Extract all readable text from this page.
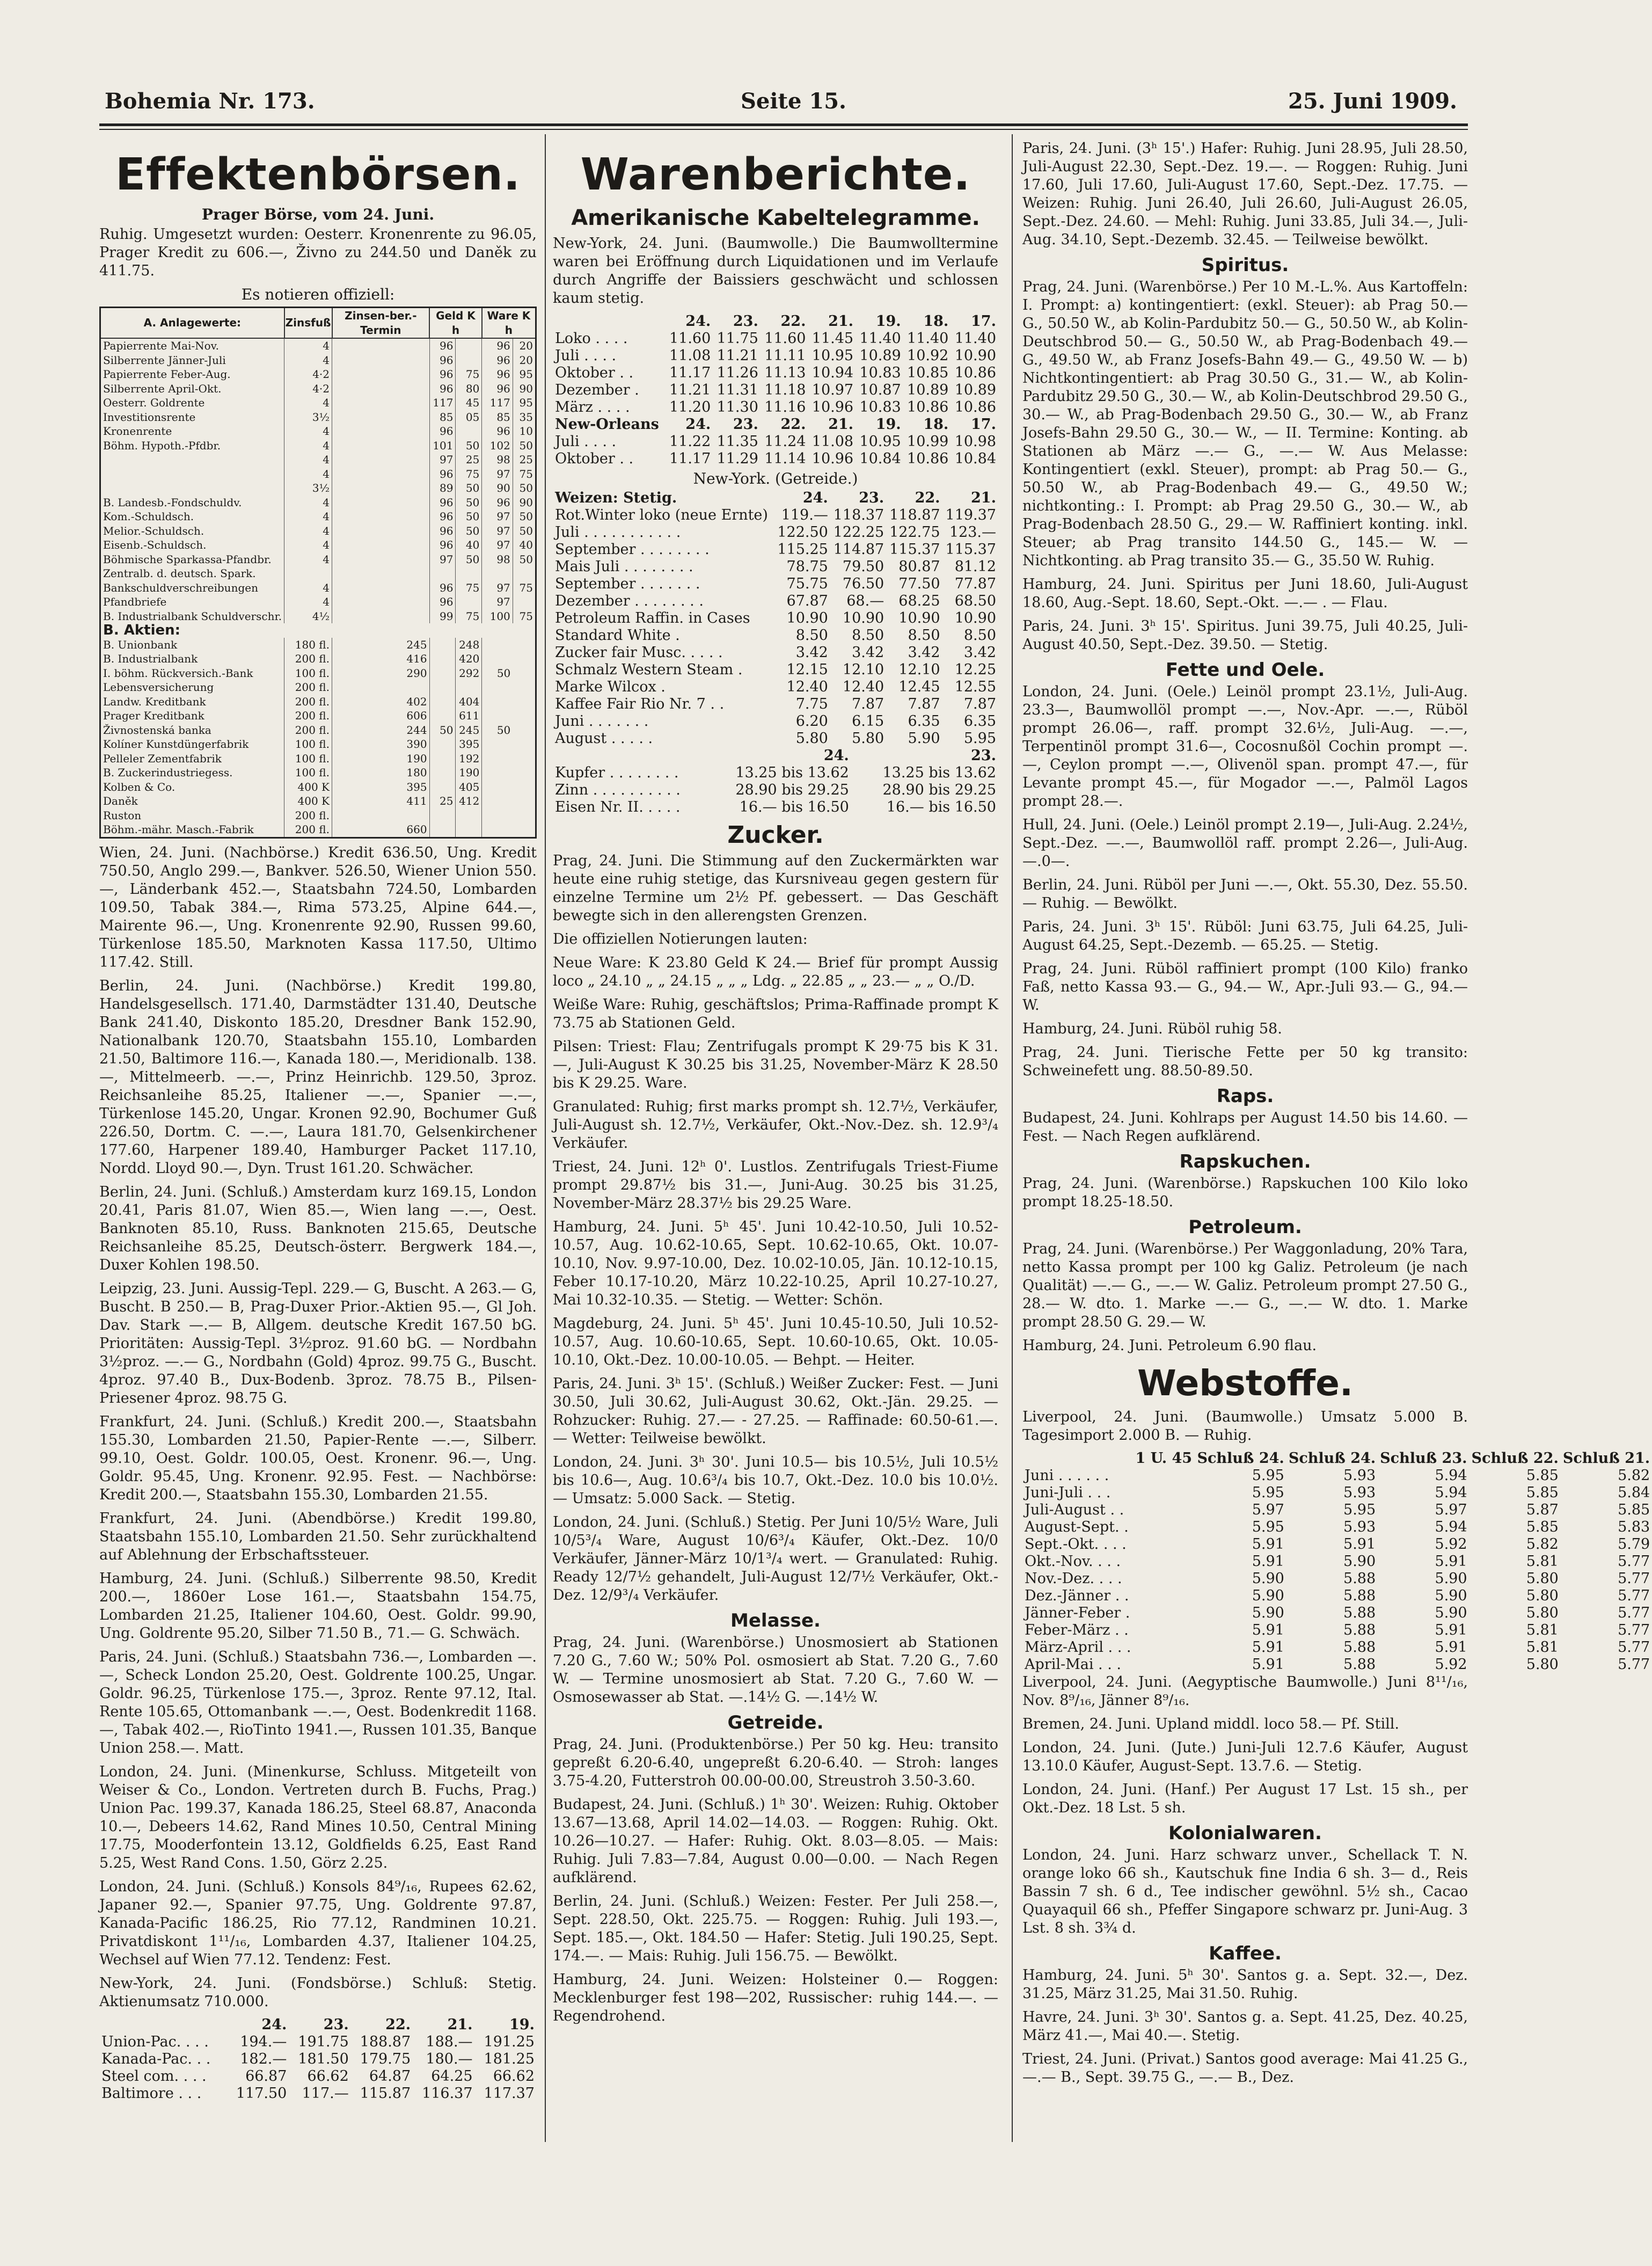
Bohemia Nr. 173.	Seite 15.	25. Juni 1909.
Effektenbörsen.

Prager Börse, vom 24. Juni.

Ruhig. Umgesetzt wurden: Oesterr. Kronenrente zu 96.05, Prager Kredit zu 606.—, Živno zu 244.50 und Daněk zu 411.75.

Es notieren offiziell:

A. Anlagewerte:	Zinsfuß	Zinsen-ber.-Termin	Geld K h		Ware K h	
Papierrente Mai-Nov.	4		96		96	20
Silberrente Jänner-Juli	4		96		96	20
Papierrente Feber-Aug.	4·2		96	75	96	95
Silberrente April-Okt.	4·2		96	80	96	90
Oesterr. Goldrente	4		117	45	117	95
Investitionsrente	3½		85	05	85	35
Kronenrente	4		96		96	10
Böhm. Hypoth.-Pfdbr.	4		101	50	102	50
	4		97	25	98	25
	4		96	75	97	75
	3½		89	50	90	50
B. Landesb.-Fondschuldv.	4		96	50	96	90
Kom.-Schuldsch.	4		96	50	97	50
Melior.-Schuldsch.	4		96	50	97	50
Eisenb.-Schuldsch.	4		96	40	97	40
Böhmische Sparkassa-Pfandbr.	4		97	50	98	50
Zentralb. d. deutsch. Spark.						
Bankschuldverschreibungen	4		96	75	97	75
Pfandbriefe	4		96		97	
B. Industrialbank Schuldverschr.	4½		99	75	100	75
B. Aktien:						
B. Unionbank	180 fl.	245		248		
B. Industrialbank	200 fl.	416		420		
I. böhm. Rückversich.-Bank	100 fl.	290		292	50	
Lebensversicherung	200 fl.					
Landw. Kreditbank	200 fl.	402		404		
Prager Kreditbank	200 fl.	606		611		
Živnostenská banka	200 fl.	244	50	245	50	
Kolíner Kunstdüngerfabrik	100 fl.	390		395		
Pelleler Zementfabrik	100 fl.	190		192		
B. Zuckerindustriegess.	100 fl.	180		190		
Kolben & Co.	400 K	395		405		
Daněk	400 K	411	25	412		
Ruston	200 fl.					
Böhm.-mähr. Masch.-Fabrik	200 fl.	660				

Wien, 24. Juni. (Nachbörse.) Kredit 636.50, Ung. Kredit 750.50, Anglo 299.—, Bankver. 526.50, Wiener Union 550.—, Länderbank 452.—, Staatsbahn 724.50, Lombarden 109.50, Tabak 384.—, Rima 573.25, Alpine 644.—, Mairente 96.—, Ung. Kronenrente 92.90, Russen 99.60, Türkenlose 185.50, Marknoten Kassa 117.50, Ultimo 117.42. Still.

Berlin, 24. Juni. (Nachbörse.) Kredit 199.80, Handelsgesellsch. 171.40, Darmstädter 131.40, Deutsche Bank 241.40, Diskonto 185.20, Dresdner Bank 152.90, Nationalbank 120.70, Staatsbahn 155.10, Lombarden 21.50, Baltimore 116.—, Kanada 180.—, Meridionalb. 138.—, Mittelmeerb. —.—, Prinz Heinrichb. 129.50, 3proz. Reichsanleihe 85.25, Italiener —.—, Spanier —.—, Türkenlose 145.20, Ungar. Kronen 92.90, Bochumer Guß 226.50, Dortm. C. —.—, Laura 181.70, Gelsenkirchener 177.60, Harpener 189.40, Hamburger Packet 117.10, Nordd. Lloyd 90.—, Dyn. Trust 161.20. Schwächer.

Berlin, 24. Juni. (Schluß.) Amsterdam kurz 169.15, London 20.41, Paris 81.07, Wien 85.—, Wien lang —.—, Oest. Banknoten 85.10, Russ. Banknoten 215.65, Deutsche Reichsanleihe 85.25, Deutsch-österr. Bergwerk 184.—, Duxer Kohlen 198.50.

Leipzig, 23. Juni. Aussig-Tepl. 229.— G, Buscht. A 263.— G, Buscht. B 250.— B, Prag-Duxer Prior.-Aktien 95.—, Gl Joh. Dav. Stark —.— B, Allgem. deutsche Kredit 167.50 bG. Prioritäten: Aussig-Tepl. 3½proz. 91.60 bG. — Nordbahn 3½proz. —.— G., Nordbahn (Gold) 4proz. 99.75 G., Buscht. 4proz. 97.40 B., Dux-Bodenb. 3proz. 78.75 B., Pilsen-Priesener 4proz. 98.75 G.

Frankfurt, 24. Juni. (Schluß.) Kredit 200.—, Staatsbahn 155.30, Lombarden 21.50, Papier-Rente —.—, Silberr. 99.10, Oest. Goldr. 100.05, Oest. Kronenr. 96.—, Ung. Goldr. 95.45, Ung. Kronenr. 92.95. Fest. — Nachbörse: Kredit 200.—, Staatsbahn 155.30, Lombarden 21.55.

Frankfurt, 24. Juni. (Abendbörse.) Kredit 199.80, Staatsbahn 155.10, Lombarden 21.50. Sehr zurückhaltend auf Ablehnung der Erbschaftssteuer.

Hamburg, 24. Juni. (Schluß.) Silberrente 98.50, Kredit 200.—, 1860er Lose 161.—, Staatsbahn 154.75, Lombarden 21.25, Italiener 104.60, Oest. Goldr. 99.90, Ung. Goldrente 95.20, Silber 71.50 B., 71.— G. Schwäch.

Paris, 24. Juni. (Schluß.) Staatsbahn 736.—, Lombarden —.—, Scheck London 25.20, Oest. Goldrente 100.25, Ungar. Goldr. 96.25, Türkenlose 175.—, 3proz. Rente 97.12, Ital. Rente 105.65, Ottomanbank —.—, Oest. Bodenkredit 1168.—, Tabak 402.—, RioTinto 1941.—, Russen 101.35, Banque Union 258.—. Matt.

London, 24. Juni. (Minenkurse, Schluss. Mitgeteilt von Weiser & Co., London. Vertreten durch B. Fuchs, Prag.) Union Pac. 199.37, Kanada 186.25, Steel 68.87, Anaconda 10.—, Debeers 14.62, Rand Mines 10.50, Central Mining 17.75, Mooderfontein 13.12, Goldfields 6.25, East Rand 5.25, West Rand Cons. 1.50, Görz 2.25.

London, 24. Juni. (Schluß.) Konsols 84⁹/₁₆, Rupees 62.62, Japaner 92.—, Spanier 97.75, Ung. Goldrente 97.87, Kanada-Pacific 186.25, Rio 77.12, Randminen 10.21. Privatdiskont 1¹¹/₁₆, Lombarden 4.37, Italiener 104.25, Wechsel auf Wien 77.12. Tendenz: Fest.

New-York, 24. Juni. (Fondsbörse.) Schluß: Stetig. Aktienumsatz 710.000.

	24.	23.	22.	21.	19.
Union-Pac. . . .	194.—	191.75	188.87	188.—	191.25
Kanada-Pac. . .	182.—	181.50	179.75	180.—	181.25
Steel com. . . .	66.87	66.62	64.87	64.25	66.62
Baltimore . . .	117.50	117.—	115.87	116.37	117.37
Warenberichte.
Amerikanische Kabeltelegramme.

New-York, 24. Juni. (Baumwolle.) Die Baumwolltermine waren bei Eröffnung durch Liquidationen und im Verlaufe durch Angriffe der Baissiers geschwächt und schlossen kaum stetig.

	24.	23.	22.	21.	19.	18.	17.
Loko . . . .	11.60	11.75	11.60	11.45	11.40	11.40	11.40
Juli . . . .	11.08	11.21	11.11	10.95	10.89	10.92	10.90
Oktober . .	11.17	11.26	11.13	10.94	10.83	10.85	10.86
Dezember .	11.21	11.31	11.18	10.97	10.87	10.89	10.89
März . . . .	11.20	11.30	11.16	10.96	10.83	10.86	10.86
New-Orleans	24.	23.	22.	21.	19.	18.	17.
Juli . . . .	11.22	11.35	11.24	11.08	10.95	10.99	10.98
Oktober . .	11.17	11.29	11.14	10.96	10.84	10.86	10.84

New-York. (Getreide.)

Weizen: Stetig.	24.	23.	22.	21.
Rot.Winter loko (neue Ernte)	119.—	118.37	118.87	119.37
Juli . . . . . . . . . . .	122.50	122.25	122.75	123.—
September . . . . . . . .	115.25	114.87	115.37	115.37
Mais Juli . . . . . . . .	78.75	79.50	80.87	81.12
September . . . . . . .	75.75	76.50	77.50	77.87
Dezember . . . . . . . .	67.87	68.—	68.25	68.50
Petroleum Raffin. in Cases	10.90	10.90	10.90	10.90
Standard White .	8.50	8.50	8.50	8.50
Zucker fair Musc. . . . .	3.42	3.42	3.42	3.42
Schmalz Western Steam .	12.15	12.10	12.10	12.25
Marke Wilcox .	12.40	12.40	12.45	12.55
Kaffee Fair Rio Nr. 7 . .	7.75	7.87	7.87	7.87
Juni . . . . . . .	6.20	6.15	6.35	6.35
August . . . . .	5.80	5.80	5.90	5.95
	24.		23.
Kupfer . . . . . . . .	13.25 bis 13.62		13.25 bis 13.62
Zinn . . . . . . . . . .	28.90 bis 29.25		28.90 bis 29.25
Eisen Nr. II. . . . .	16.— bis 16.50		16.— bis 16.50
Zucker.

Prag, 24. Juni. Die Stimmung auf den Zuckermärkten war heute eine ruhig stetige, das Kursniveau gegen gestern für einzelne Termine um 2½ Pf. gebessert. — Das Geschäft bewegte sich in den allerengsten Grenzen.

Die offiziellen Notierungen lauten:

Neue Ware: K 23.80 Geld K 24.— Brief für prompt Aussig loco „ 24.10 „ „ 24.15 „ „ „ Ldg. „ 22.85 „ „ 23.— „ „ O./D.

Weiße Ware: Ruhig, geschäftslos; Prima-Raffinade prompt K 73.75 ab Stationen Geld.

Pilsen: Triest: Flau; Zentrifugals prompt K 29·75 bis K 31.—, Juli-August K 30.25 bis 31.25, November-März K 28.50 bis K 29.25. Ware.

Granulated: Ruhig; first marks prompt sh. 12.7½, Verkäufer, Juli-August sh. 12.7½, Verkäufer, Okt.-Nov.-Dez. sh. 12.9³/₄ Verkäufer.

Triest, 24. Juni. 12ʰ 0'. Lustlos. Zentrifugals Triest-Fiume prompt 29.87½ bis 31.—, Juni-Aug. 30.25 bis 31.25, November-März 28.37½ bis 29.25 Ware.

Hamburg, 24. Juni. 5ʰ 45'. Juni 10.42-10.50, Juli 10.52-10.57, Aug. 10.62-10.65, Sept. 10.62-10.65, Okt. 10.07-10.10, Nov. 9.97-10.00, Dez. 10.02-10.05, Jän. 10.12-10.15, Feber 10.17-10.20, März 10.22-10.25, April 10.27-10.27, Mai 10.32-10.35. — Stetig. — Wetter: Schön.

Magdeburg, 24. Juni. 5ʰ 45'. Juni 10.45-10.50, Juli 10.52-10.57, Aug. 10.60-10.65, Sept. 10.60-10.65, Okt. 10.05-10.10, Okt.-Dez. 10.00-10.05. — Behpt. — Heiter.

Paris, 24. Juni. 3ʰ 15'. (Schluß.) Weißer Zucker: Fest. — Juni 30.50, Juli 30.62, Juli-August 30.62, Okt.-Jän. 29.25. — Rohzucker: Ruhig. 27.— - 27.25. — Raffinade: 60.50-61.—. — Wetter: Teilweise bewölkt.

London, 24. Juni. 3ʰ 30'. Juni 10.5— bis 10.5½, Juli 10.5½ bis 10.6—, Aug. 10.6³/₄ bis 10.7, Okt.-Dez. 10.0 bis 10.0½. — Umsatz: 5.000 Sack. — Stetig.

London, 24. Juni. (Schluß.) Stetig. Per Juni 10/5½ Ware, Juli 10/5³/₄ Ware, August 10/6³/₄ Käufer, Okt.-Dez. 10/0 Verkäufer, Jänner-März 10/1³/₄ wert. — Granulated: Ruhig. Ready 12/7½ gehandelt, Juli-August 12/7½ Verkäufer, Okt.-Dez. 12/9³/₄ Verkäufer.

Melasse.

Prag, 24. Juni. (Warenbörse.) Unosmosiert ab Stationen 7.20 G., 7.60 W.; 50% Pol. osmosiert ab Stat. 7.20 G., 7.60 W. — Termine unosmosiert ab Stat. 7.20 G., 7.60 W. — Osmosewasser ab Stat. —.14½ G. —.14½ W.

Getreide.

Prag, 24. Juni. (Produktenbörse.) Per 50 kg. Heu: transito gepreßt 6.20-6.40, ungepreßt 6.20-6.40. — Stroh: langes 3.75-4.20, Futterstroh 00.00-00.00, Streustroh 3.50-3.60.

Budapest, 24. Juni. (Schluß.) 1ʰ 30'. Weizen: Ruhig. Oktober 13.67—13.68, April 14.02—14.03. — Roggen: Ruhig. Okt. 10.26—10.27. — Hafer: Ruhig. Okt. 8.03—8.05. — Mais: Ruhig. Juli 7.83—7.84, August 0.00—0.00. — Nach Regen aufklärend.

Berlin, 24. Juni. (Schluß.) Weizen: Fester. Per Juli 258.—, Sept. 228.50, Okt. 225.75. — Roggen: Ruhig. Juli 193.—, Sept. 185.—, Okt. 184.50 — Hafer: Stetig. Juli 190.25, Sept. 174.—. — Mais: Ruhig. Juli 156.75. — Bewölkt.

Hamburg, 24. Juni. Weizen: Holsteiner 0.— Roggen: Mecklenburger fest 198—202, Russischer: ruhig 144.—. — Regendrohend.

Paris, 24. Juni. (3ʰ 15'.) Hafer: Ruhig. Juni 28.95, Juli 28.50, Juli-August 22.30, Sept.-Dez. 19.—. — Roggen: Ruhig. Juni 17.60, Juli 17.60, Juli-August 17.60, Sept.-Dez. 17.75. — Weizen: Ruhig. Juni 26.40, Juli 26.60, Juli-August 26.05, Sept.-Dez. 24.60. — Mehl: Ruhig. Juni 33.85, Juli 34.—, Juli-Aug. 34.10, Sept.-Dezemb. 32.45. — Teilweise bewölkt.

Spiritus.

Prag, 24. Juni. (Warenbörse.) Per 10 M.-L.%. Aus Kartoffeln: I. Prompt: a) kontingentiert: (exkl. Steuer): ab Prag 50.— G., 50.50 W., ab Kolin-Pardubitz 50.— G., 50.50 W., ab Kolin-Deutschbrod 50.— G., 50.50 W., ab Prag-Bodenbach 49.— G., 49.50 W., ab Franz Josefs-Bahn 49.— G., 49.50 W. — b) Nichtkontingentiert: ab Prag 30.50 G., 31.— W., ab Kolin-Pardubitz 29.50 G., 30.— W., ab Kolin-Deutschbrod 29.50 G., 30.— W., ab Prag-Bodenbach 29.50 G., 30.— W., ab Franz Josefs-Bahn 29.50 G., 30.— W., — II. Termine: Konting. ab Stationen ab März —.— G., —.— W. Aus Melasse: Kontingentiert (exkl. Steuer), prompt: ab Prag 50.— G., 50.50 W., ab Prag-Bodenbach 49.— G., 49.50 W.; nichtkonting.: I. Prompt: ab Prag 29.50 G., 30.— W., ab Prag-Bodenbach 28.50 G., 29.— W. Raffiniert konting. inkl. Steuer; ab Prag transito 144.50 G., 145.— W. — Nichtkonting. ab Prag transito 35.— G., 35.50 W. Ruhig.

Hamburg, 24. Juni. Spiritus per Juni 18.60, Juli-August 18.60, Aug.-Sept. 18.60, Sept.-Okt. —.— . — Flau.

Paris, 24. Juni. 3ʰ 15'. Spiritus. Juni 39.75, Juli 40.25, Juli-August 40.50, Sept.-Dez. 39.50. — Stetig.

Fette und Oele.

London, 24. Juni. (Oele.) Leinöl prompt 23.1½, Juli-Aug. 23.3—, Baumwollöl prompt —.—, Nov.-Apr. —.—, Rüböl prompt 26.06—, raff. prompt 32.6½, Juli-Aug. —.—, Terpentinöl prompt 31.6—, Cocosnußöl Cochin prompt —.—, Ceylon prompt —.—, Olivenöl span. prompt 47.—, für Levante prompt 45.—, für Mogador —.—, Palmöl Lagos prompt 28.—.

Hull, 24. Juni. (Oele.) Leinöl prompt 2.19—, Juli-Aug. 2.24½, Sept.-Dez. —.—, Baumwollöl raff. prompt 2.26—, Juli-Aug. —.0—.

Berlin, 24. Juni. Rüböl per Juni —.—, Okt. 55.30, Dez. 55.50. — Ruhig. — Bewölkt.

Paris, 24. Juni. 3ʰ 15'. Rüböl: Juni 63.75, Juli 64.25, Juli-August 64.25, Sept.-Dezemb. — 65.25. — Stetig.

Prag, 24. Juni. Rüböl raffiniert prompt (100 Kilo) franko Faß, netto Kassa 93.— G., 94.— W., Apr.-Juli 93.— G., 94.— W.

Hamburg, 24. Juni. Rüböl ruhig 58.

Prag, 24. Juni. Tierische Fette per 50 kg transito: Schweinefett ung. 88.50-89.50.

Raps.

Budapest, 24. Juni. Kohlraps per August 14.50 bis 14.60. — Fest. — Nach Regen aufklärend.

Rapskuchen.

Prag, 24. Juni. (Warenbörse.) Rapskuchen 100 Kilo loko prompt 18.25-18.50.

Petroleum.

Prag, 24. Juni. (Warenbörse.) Per Waggonladung, 20% Tara, netto Kassa prompt per 100 kg Galiz. Petroleum (je nach Qualität) —.— G., —.— W. Galiz. Petroleum prompt 27.50 G., 28.— W. dto. 1. Marke —.— G., —.— W. dto. 1. Marke prompt 28.50 G. 29.— W.

Hamburg, 24. Juni. Petroleum 6.90 flau.

Webstoffe.

Liverpool, 24. Juni. (Baumwolle.) Umsatz 5.000 B. Tagesimport 2.000 B. — Ruhig.

	1 U. 45 Schluß 24.	Schluß 24.	Schluß 23.	Schluß 22.	Schluß 21.
Juni . . . . . .	5.95	5.93	5.94	5.85	5.82
Juni-Juli . . .	5.95	5.93	5.94	5.85	5.84
Juli-August . .	5.97	5.95	5.97	5.87	5.85
August-Sept. .	5.95	5.93	5.94	5.85	5.83
Sept.-Okt. . . .	5.91	5.91	5.92	5.82	5.79
Okt.-Nov. . . .	5.91	5.90	5.91	5.81	5.77
Nov.-Dez. . . .	5.90	5.88	5.90	5.80	5.77
Dez.-Jänner . .	5.90	5.88	5.90	5.80	5.77
Jänner-Feber .	5.90	5.88	5.90	5.80	5.77
Feber-März . .	5.91	5.88	5.91	5.81	5.77
März-April . . .	5.91	5.88	5.91	5.81	5.77
April-Mai . . .	5.91	5.88	5.92	5.80	5.77

Liverpool, 24. Juni. (Aegyptische Baumwolle.) Juni 8¹¹/₁₆, Nov. 8⁹/₁₆, Jänner 8⁹/₁₆.

Bremen, 24. Juni. Upland middl. loco 58.— Pf. Still.

London, 24. Juni. (Jute.) Juni-Juli 12.7.6 Käufer, August 13.10.0 Käufer, August-Sept. 13.7.6. — Stetig.

London, 24. Juni. (Hanf.) Per August 17 Lst. 15 sh., per Okt.-Dez. 18 Lst. 5 sh.

Kolonialwaren.

London, 24. Juni. Harz schwarz unver., Schellack T. N. orange loko 66 sh., Kautschuk fine India 6 sh. 3— d., Reis Bassin 7 sh. 6 d., Tee indischer gewöhnl. 5½ sh., Cacao Quayaquil 66 sh., Pfeffer Singapore schwarz pr. Juni-Aug. 3 Lst. 8 sh. 3¾ d.

Kaffee.

Hamburg, 24. Juni. 5ʰ 30'. Santos g. a. Sept. 32.—, Dez. 31.25, März 31.25, Mai 31.50. Ruhig.

Havre, 24. Juni. 3ʰ 30'. Santos g. a. Sept. 41.25, Dez. 40.25, März 41.—, Mai 40.—. Stetig.

Triest, 24. Juni. (Privat.) Santos good average: Mai 41.25 G., —.— B., Sept. 39.75 G., —.— B., Dez.
